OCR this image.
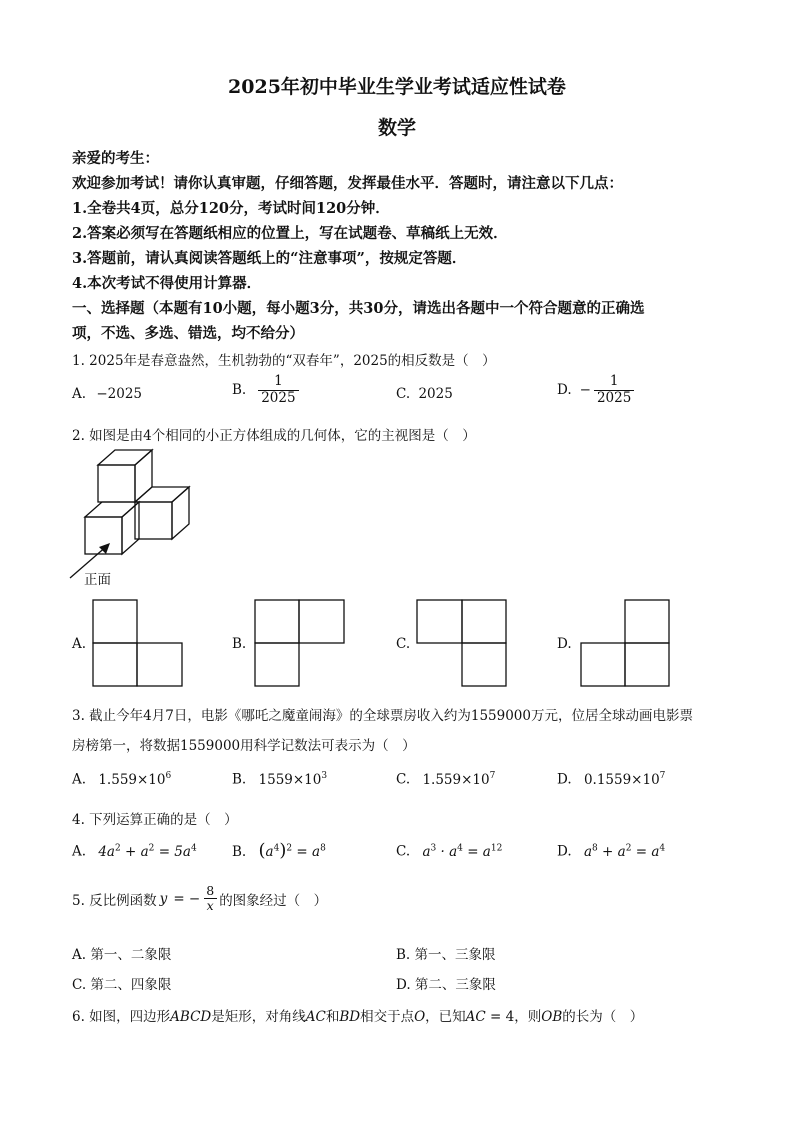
2025年初中毕业生学业考试适应性试卷
数学
亲爱的考生：
欢迎参加考试！请你认真审题，仔细答题，发挥最佳水平．答题时，请注意以下几点：
1.全卷共4页，总分120分，考试时间120分钟．
2.答案必须写在答题纸相应的位置上，写在试题卷、草稿纸上无效．
3.答题前，请认真阅读答题纸上的“注意事项”，按规定答题．
4.本次考试不得使用计算器．
一、选择题（本题有10小题，每小题3分，共30分，请选出各题中一个符合题意的正确选
项，不选、多选、错选，均不给分）
1. 2025年是春意盎然，生机勃勃的“双春年”，2025的相反数是（　）
A. −2025	B. $\frac{1}{2025}$	C. 2025	D. − $\frac{1}{2025}$
2. 如图是由4个相同的小正方体组成的几何体，它的主视图是（　）
正面
A.	B.	C.	D.
3. 截止今年4月7日，电影《哪吒之魔童闹海》的全球票房收入约为1559000万元，位居全球动画电影票
房榜第一，将数据1559000用科学记数法可表示为（　）
A. $1.559\times 10^6$	B. $1559\times 10^3$	C. $1.559\times 10^7$	D. $0.1559\times 10^7$
4. 下列运算正确的是（　）
A. $4a^2 + a^2 = 5a^4$	B. $(a^4)^2 = a^8$	C. $a^3 \cdot a^4 = a^{12}$	D. $a^8 + a^2 = a^4$
5. 反比例函数 y = − $\frac{8}{x}$ 的图象经过（　）
A. 第一、二象限	B. 第一、三象限
C. 第二、四象限	D. 第二、三象限
6. 如图，四边形ABCD是矩形，对角线AC和BD相交于点O，已知AC = 4，则OB的长为（　）
